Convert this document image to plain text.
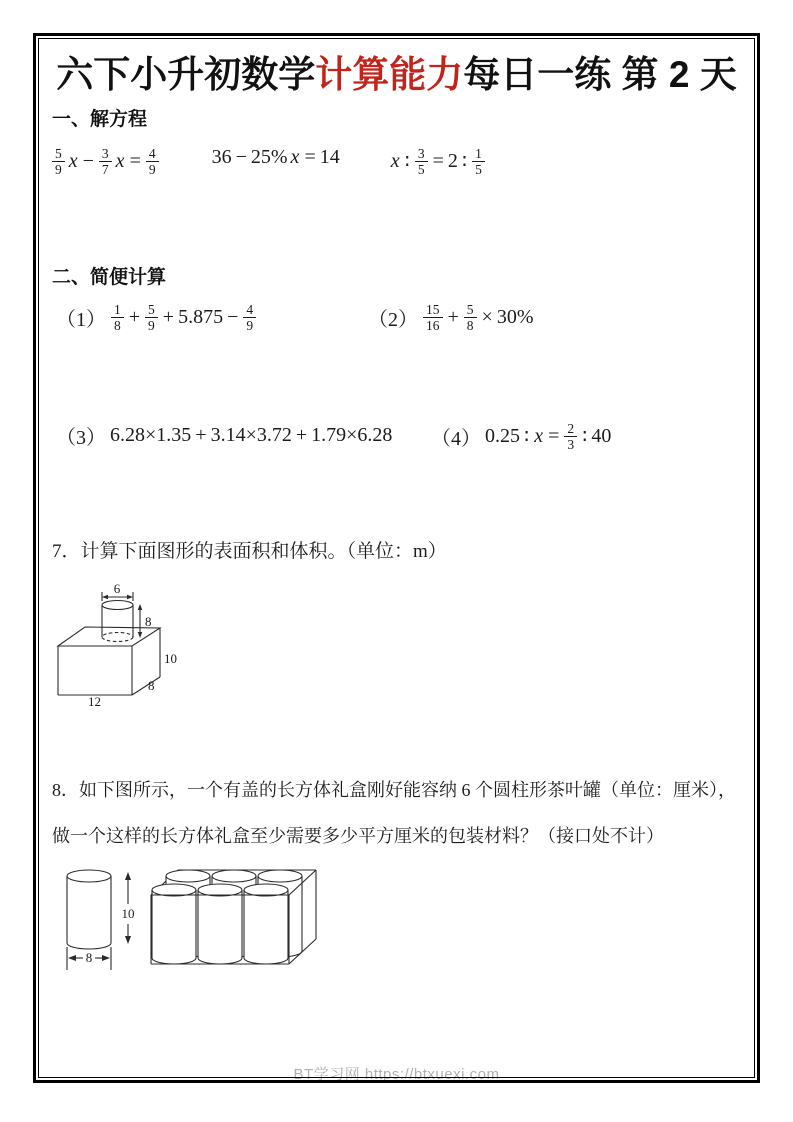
BT学习网 https://btxuexi.com
六下小升初数学计算能力每日一练 第 2 天
一、解方程
$\frac{5}{9}$ $x - \frac{3}{7}$ $x = \frac{4}{9}$	36 − 25% x = 14	x ∶ $\frac{3}{5} = 2$ ∶ $\frac{1}{5}$
二、简便计算
$(1) \frac{1}{8} + \frac{5}{9} + 5.875 - \frac{4}{9}$	$(2) \frac{15}{16} + \frac{5}{8} \times 30\%$
（3） 6.28×1.35 + 3.14×3.72 + 1.79×6.28 （4） 0.25 ∶ $x = \frac{2}{3}$ ∶ 40
7．计算下面图形的表面积和体积。（单位：m）
6
8
10
8
12
8．如下图所示，一个有盖的长方体礼盒刚好能容纳 6 个圆柱形茶叶罐（单位：厘米），
做一个这样的长方体礼盒至少需要多少平方厘米的包装材料？（接口处不计）
10
8
